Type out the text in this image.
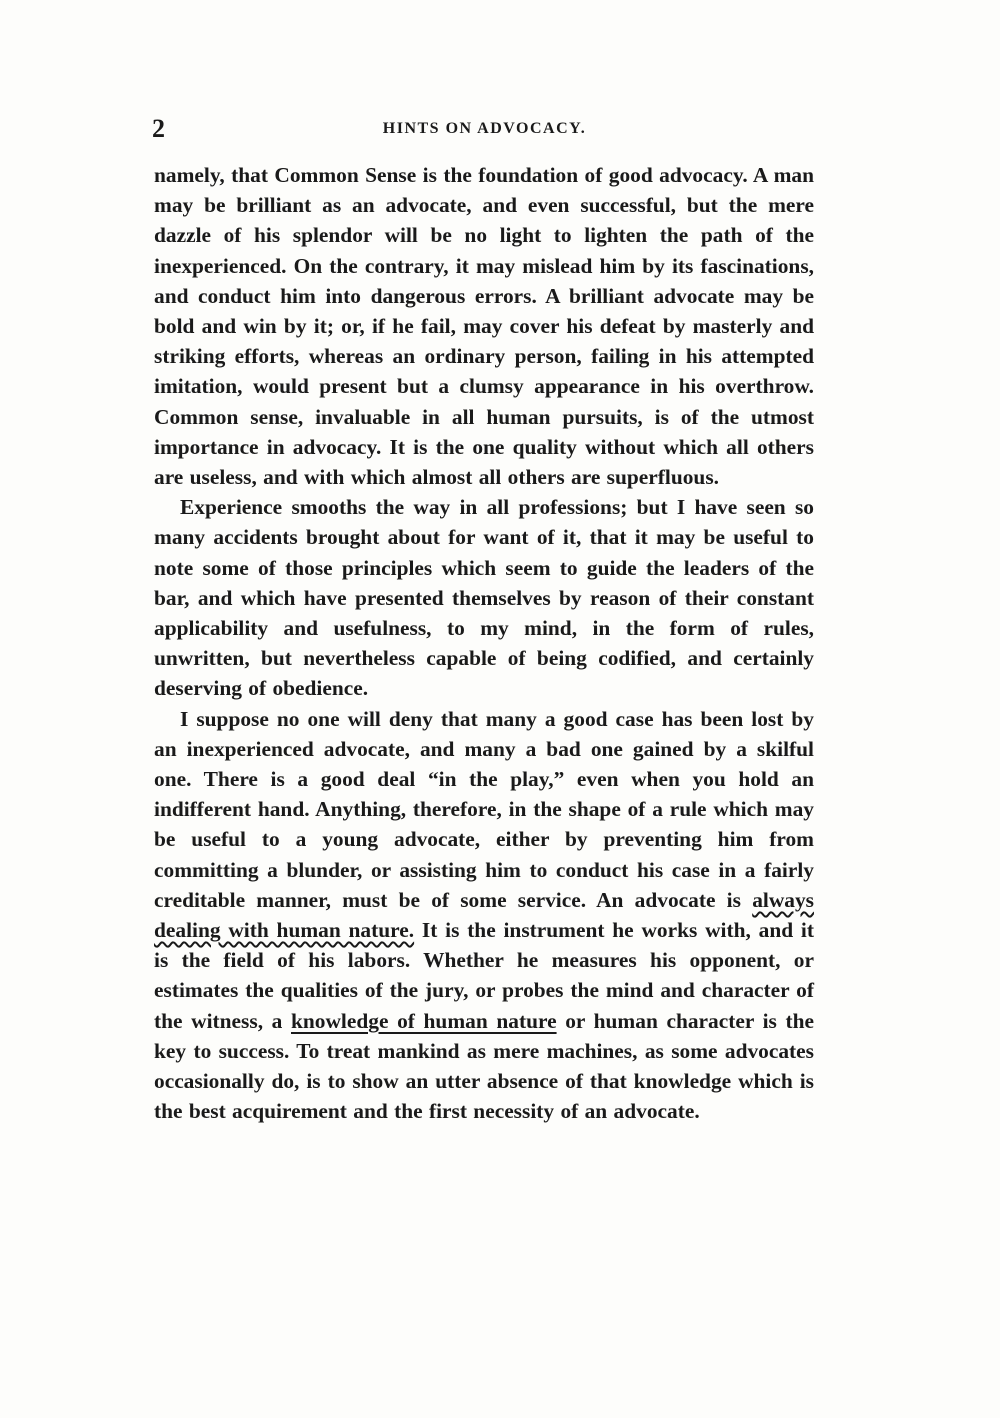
2	HINTS ON ADVOCACY.

namely, that Common Sense is the foundation of good advocacy. A man may be brilliant as an advocate, and even successful, but the mere dazzle of his splendor will be no light to lighten the path of the inexperienced. On the contrary, it may mislead him by its fascinations, and conduct him into dangerous errors. A brilliant advocate may be bold and win by it; or, if he fail, may cover his defeat by masterly and striking efforts, whereas an ordinary person, failing in his attempted imitation, would present but a clumsy appearance in his overthrow. Common sense, invaluable in all human pursuits, is of the utmost importance in advocacy. It is the one quality without which all others are useless, and with which almost all others are superfluous.

Experience smooths the way in all professions; but I have seen so many accidents brought about for want of it, that it may be useful to note some of those principles which seem to guide the leaders of the bar, and which have presented themselves by reason of their constant applicability and usefulness, to my mind, in the form of rules, unwritten, but nevertheless capable of being codified, and certainly deserving of obedience.

I suppose no one will deny that many a good case has been lost by an inexperienced advocate, and many a bad one gained by a skilful one. There is a good deal “in the play,” even when you hold an indifferent hand. Anything, therefore, in the shape of a rule which may be useful to a young advocate, either by preventing him from committing a blunder, or assisting him to conduct his case in a fairly creditable manner, must be of some service. An advocate is always dealing with human nature. It is the instrument he works with, and it is the field of his labors. Whether he measures his opponent, or estimates the qualities of the jury, or probes the mind and character of the witness, a knowledge of human nature or human character is the key to success. To treat mankind as mere machines, as some advocates occasionally do, is to show an utter absence of that knowledge which is the best acquirement and the first necessity of an advocate.
